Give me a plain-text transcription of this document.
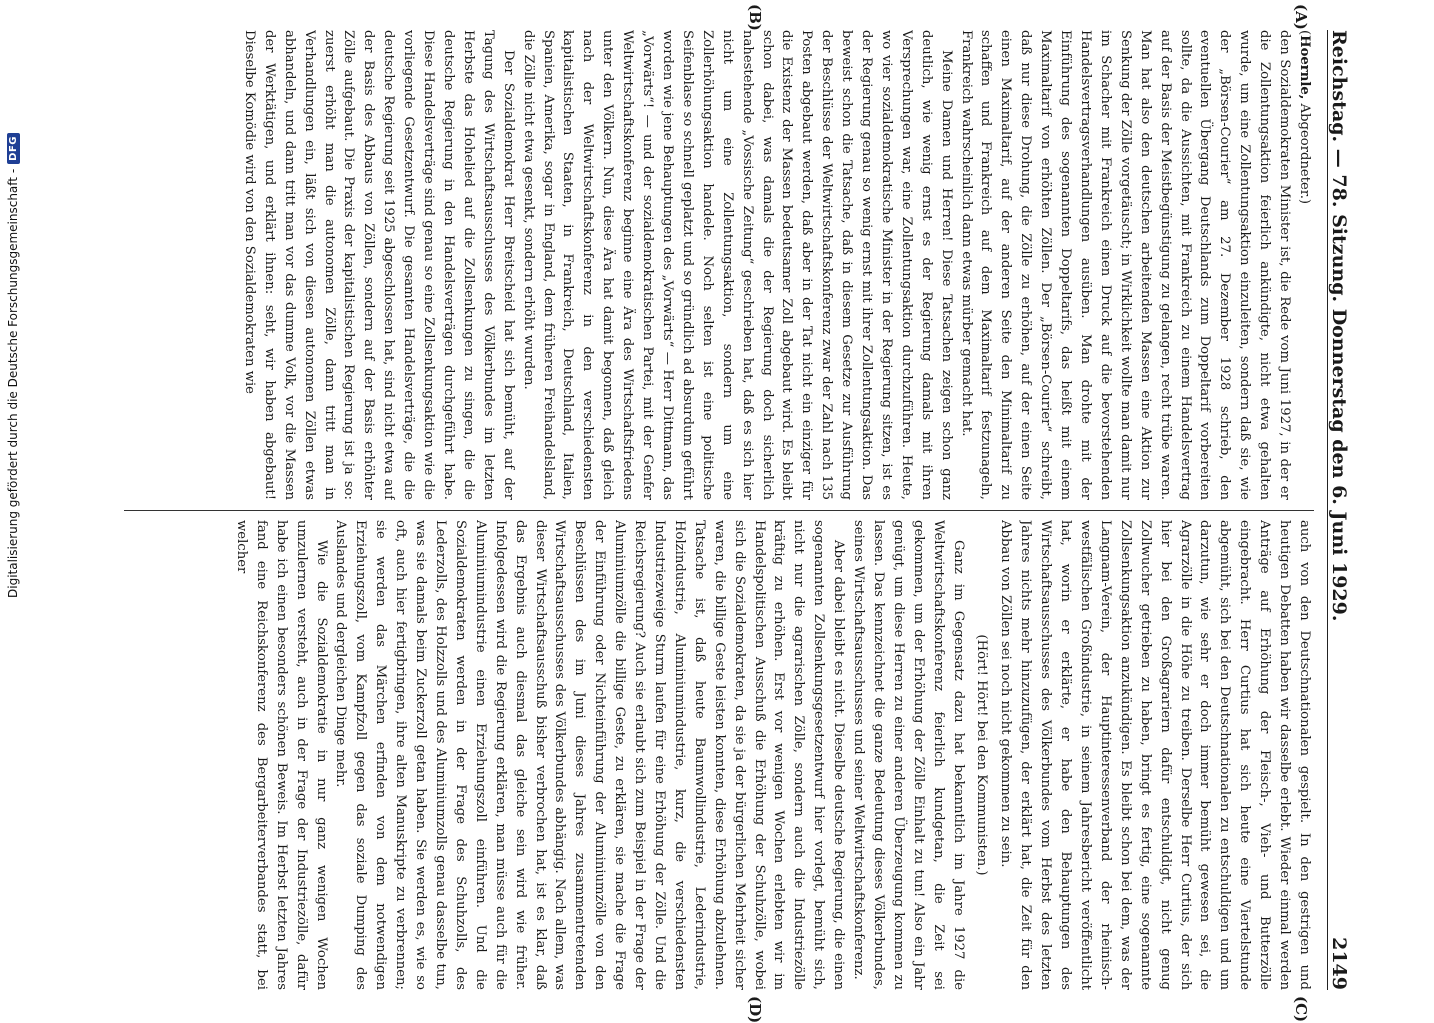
Reichstag. — 78. Sitzung. Donnerstag den 6. Juni 1929.
2149

(Hoernle, Abgeordneter.)

den Sozialdemokraten Minister ist, die Rede vom Juni 1927, in der er die Zollentungsaktion feierlich ankündigte, nicht etwa gehalten wurde, um eine Zollentungsaktion einzuleiten, sondern daß sie, wie der „Börsen-Courier“ am 27. Dezember 1928 schrieb, den eventuellen Übergang Deutschlands zum Doppeltarif vorbereiten sollte, da die Aussichten, mit Frankreich zu einem Handelsvertrag auf der Basis der Meistbegünstigung zu gelangen, recht trübe waren. Man hat also den deutschen arbeitenden Massen eine Aktion zur Senkung der Zölle vorgetäuscht; in Wirklichkeit wollte man damit nur im Schacher mit Frankreich einen Druck auf die bevorstehenden Handelsvertragsverhandlungen ausüben. Man drohte mit der Einführung des sogenannten Doppeltarifs, das heißt mit einem Maximaltarif von erhöhten Zöllen. Der „Börsen-Courier“ schreibt, daß nur diese Drohung, die Zölle zu erhöhen, auf der einen Seite einen Maximaltarif, auf der anderen Seite den Minimaltarif zu schaffen und Frankreich auf dem Maximaltarif festzunageln, Frankreich wahrscheinlich dann etwas mürber gemacht hat.

Meine Damen und Herren! Diese Tatsachen zeigen schon ganz deutlich, wie wenig ernst es der Regierung damals mit ihren Versprechungen war, eine Zollentungsaktion durchzuführen. Heute, wo vier sozialdemokratische Minister in der Regierung sitzen, ist es der Regierung genau so wenig ernst mit ihrer Zollentungsaktion. Das beweist schon die Tatsache, daß in diesem Gesetze zur Ausführung der Beschlüsse der Weltwirtschaftskonferenz zwar der Zahl nach 135 Posten abgebaut werden, daß aber in der Tat nicht ein einziger für die Existenz der Massen bedeutsamer Zoll abgebaut wird. Es bleibt schon dabei, was damals die der Regierung doch sicherlich nahestehende „Vossische Zeitung“ geschrieben hat, daß es sich hier nicht um eine Zollentungsaktion, sondern um eine Zollerhöhungsaktion handele. Noch selten ist eine politische Seifenblase so schnell geplatzt und so gründlich ad absurdum geführt worden wie jene Behauptungen des „Vorwärts“ — Herr Dittmann, das „Vorwärts“! — und der sozialdemokratischen Partei, mit der Genfer Weltwirtschaftskonferenz beginne eine Ära des Wirtschaftsfriedens unter den Völkern. Nun, diese Ära hat damit begonnen, daß gleich nach der Weltwirtschaftskonferenz in den verschiedensten kapitalistischen Staaten, in Frankreich, Deutschland, Italien, Spanien, Amerika, sogar in England, dem früheren Freihandelsland, die Zölle nicht etwa gesenkt, sondern erhöht wurden.

Der Sozialdemokrat Herr Breitscheid hat sich bemüht, auf der Tagung des Wirtschaftsausschusses des Völkerbundes im letzten Herbste das Hohelied auf die Zollsenkungen zu singen, die die deutsche Regierung in den Handelsverträgen durchgeführt habe. Diese Handelsverträge sind genau so eine Zollsenkungsaktion wie die vorliegende Gesetzentwurf. Die gesamten Handelsverträge, die die deutsche Regierung seit 1925 abgeschlossen hat, sind nicht etwa auf der Basis des Abbaus von Zöllen, sondern auf der Basis erhöhter Zölle aufgebaut. Die Praxis der kapitalistischen Regierung ist ja so: zuerst erhöht man die autonomen Zölle, dann tritt man in Verhandlungen ein, läßt sich von diesen autonomen Zöllen etwas abhandeln, und dann tritt man vor das dumme Volk, vor die Massen der Werktätigen, und erklärt ihnen: seht, wir haben abgebaut! Dieselbe Komödie wird von den Sozialdemokraten wie

auch von den Deutschnationalen gespielt. In den gestrigen und heutigen Debatten haben wir dasselbe erlebt. Wieder einmal werden Anträge auf Erhöhung der Fleisch-, Vieh- und Butterzölle eingebracht. Herr Curtius hat sich heute eine Viertelstunde abgemüht, sich bei den Deutschnationalen zu entschuldigen und um darzutun, wie sehr er doch immer bemüht gewesen sei, die Agrarzölle in die Höhe zu treiben. Derselbe Herr Curtius, der sich hier bei den Großagrariern dafür entschuldigt, nicht genug Zollwucher getrieben zu haben, bringt es fertig, eine sogenannte Zollsenkungsaktion anzukündigen. Es bleibt schon bei dem, was der Langnam-Verein, der Hauptinteressenverband der rheinisch-westfälischen Großindustrie, in seinem Jahresbericht veröffentlicht hat, worin er erklärte, er habe den Behauptungen des Wirtschaftsausschusses des Völkerbundes vom Herbst des letzten Jahres nichts mehr hinzuzufügen, der erklärt hat, die Zeit für den Abbau von Zöllen sei noch nicht gekommen zu sein.

(Hört! Hört! bei den Kommunisten.)

Ganz im Gegensatz dazu hat bekanntlich im Jahre 1927 die Weltwirtschaftskonferenz feierlich kundgetan, die Zeit sei gekommen, um der Erhöhung der Zölle Einhalt zu tun! Also ein Jahr genügt, um diese Herren zu einer anderen Überzeugung kommen zu lassen. Das kennzeichnet die ganze Bedeutung dieses Völkerbundes, seines Wirtschaftsausschusses und seiner Weltwirtschaftskonferenz.

Aber dabei bleibt es nicht. Dieselbe deutsche Regierung, die einen sogenannten Zollsenkungsgesetzentwurf hier vorlegt, bemüht sich, nicht nur die agrarischen Zölle, sondern auch die Industriezölle kräftig zu erhöhen. Erst vor wenigen Wochen erlebten wir im Handelspolitischen Ausschuß die Erhöhung der Schuhzölle, wobei sich die Sozialdemokraten, da sie ja der bürgerlichen Mehrheit sicher waren, die billige Geste leisten konnten, diese Erhöhung abzulehnen. Tatsache ist, daß heute Baumwollindustrie, Lederindustrie, Holzindustrie, Aluminiumindustrie, kurz, die verschiedensten Industriezweige Sturm laufen für eine Erhöhung der Zölle. Und die Reichsregierung? Auch sie erlaubt sich zum Beispiel in der Frage der Aluminiumzölle die billige Geste, zu erklären, sie mache die Frage der Einführung oder Nichteinführung der Aluminiumzölle von den Beschlüssen des im Juni dieses Jahres zusammentretenden Wirtschaftsausschusses des Völkerbundes abhängig. Nach allem, was dieser Wirtschaftsausschuß bisher verbrochen hat, ist es klar, daß das Ergebnis auch diesmal das gleiche sein wird wie früher. Infolgedessen wird die Regierung erklären, man müsse auch für die Aluminiumindustrie einen Erziehungszoll einführen. Und die Sozialdemokraten werden in der Frage des Schuhzolls, des Lederzolls, des Holzzolls und des Aluminiumzolls genau dasselbe tun, was sie damals beim Zuckerzoll getan haben. Sie werden es, wie so oft, auch hier fertigbringen, ihre alten Manuskripte zu verbrennen; sie werden das Märchen erfinden von dem notwendigen Erziehungszoll, vom Kampfzoll gegen das soziale Dumping des Auslandes und dergleichen Dinge mehr.

Wie die Sozialdemokratie in nur ganz wenigen Wochen umzulernen versteht, auch in der Frage der Industriezölle, dafür habe ich einen besonders schönen Beweis. Im Herbst letzten Jahres fand eine Reichskonferenz des Bergarbeiterverbandes statt, bei welcher

(A)
(B)
(C)
(D)
Digitalisierung gefördert durch die Deutsche Forschungsgemeinschaft -
DFG
